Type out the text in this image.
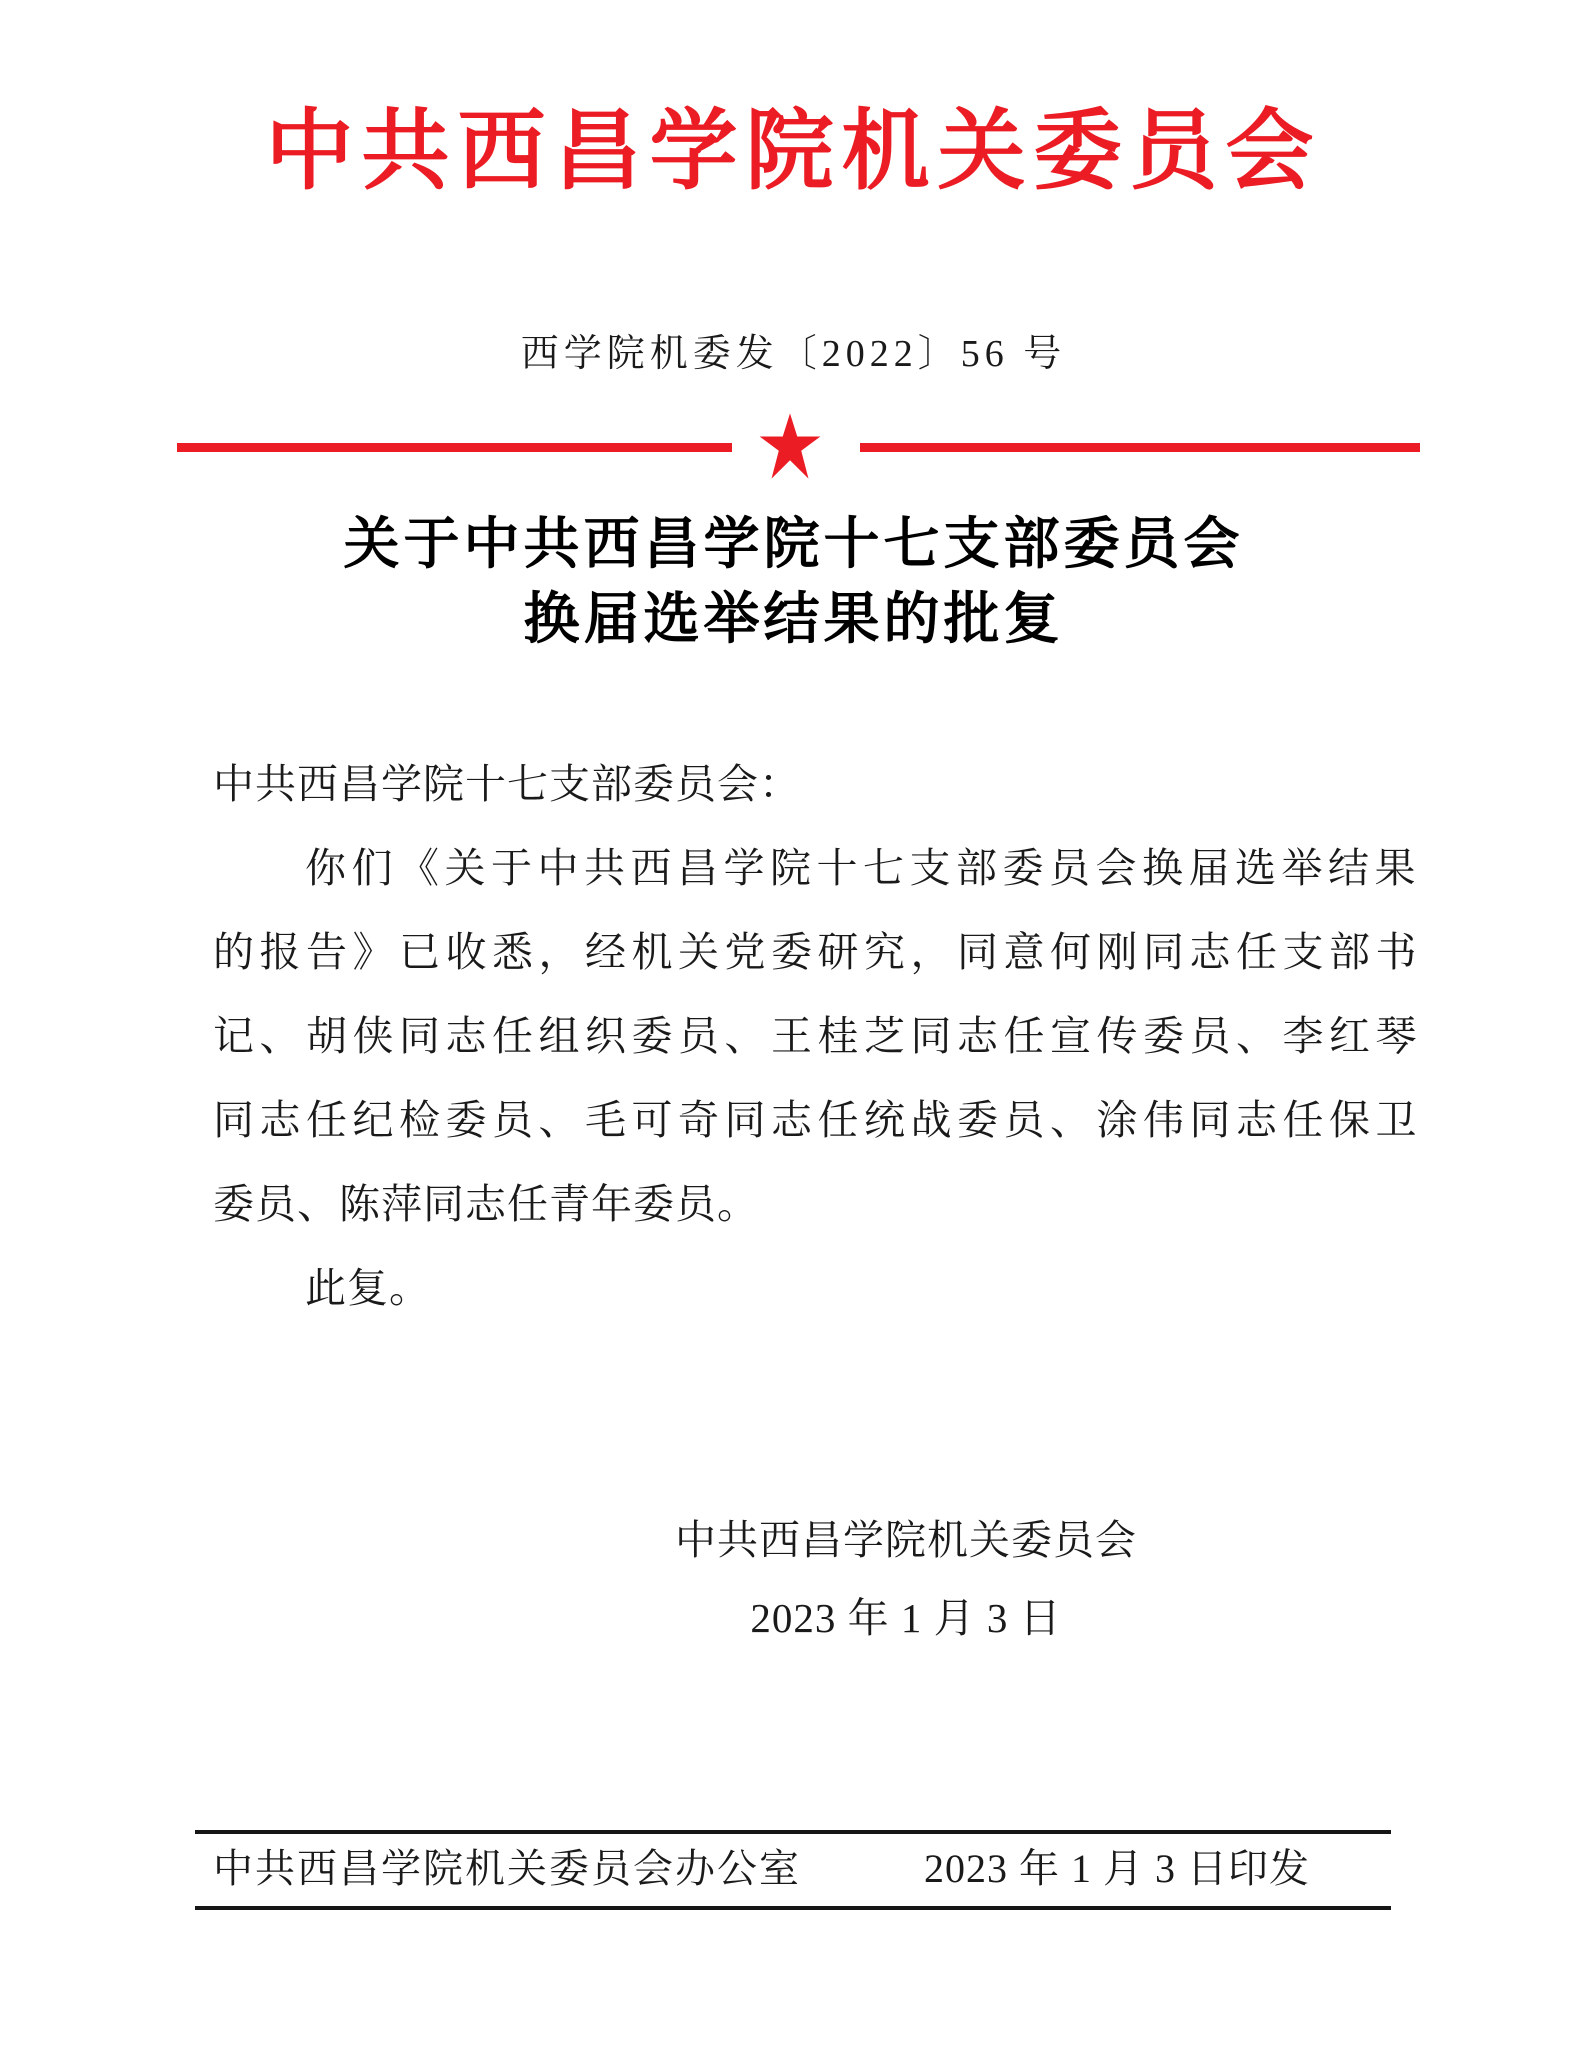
中共西昌学院机关委员会
西学院机委发〔2022〕56 号
关于中共西昌学院十七支部委员会
换届选举结果的批复
中共西昌学院十七支部委员会：
你们《关于中共西昌学院十七支部委员会换届选举结果
的报告》已收悉，经机关党委研究，同意何刚同志任支部书
记、胡侠同志任组织委员、王桂芝同志任宣传委员、李红琴
同志任纪检委员、毛可奇同志任统战委员、涂伟同志任保卫
委员、陈萍同志任青年委员。
此复。
中共西昌学院机关委员会
2023 年 1 月 3 日
中共西昌学院机关委员会办公室	2023 年 1 月 3 日印发
